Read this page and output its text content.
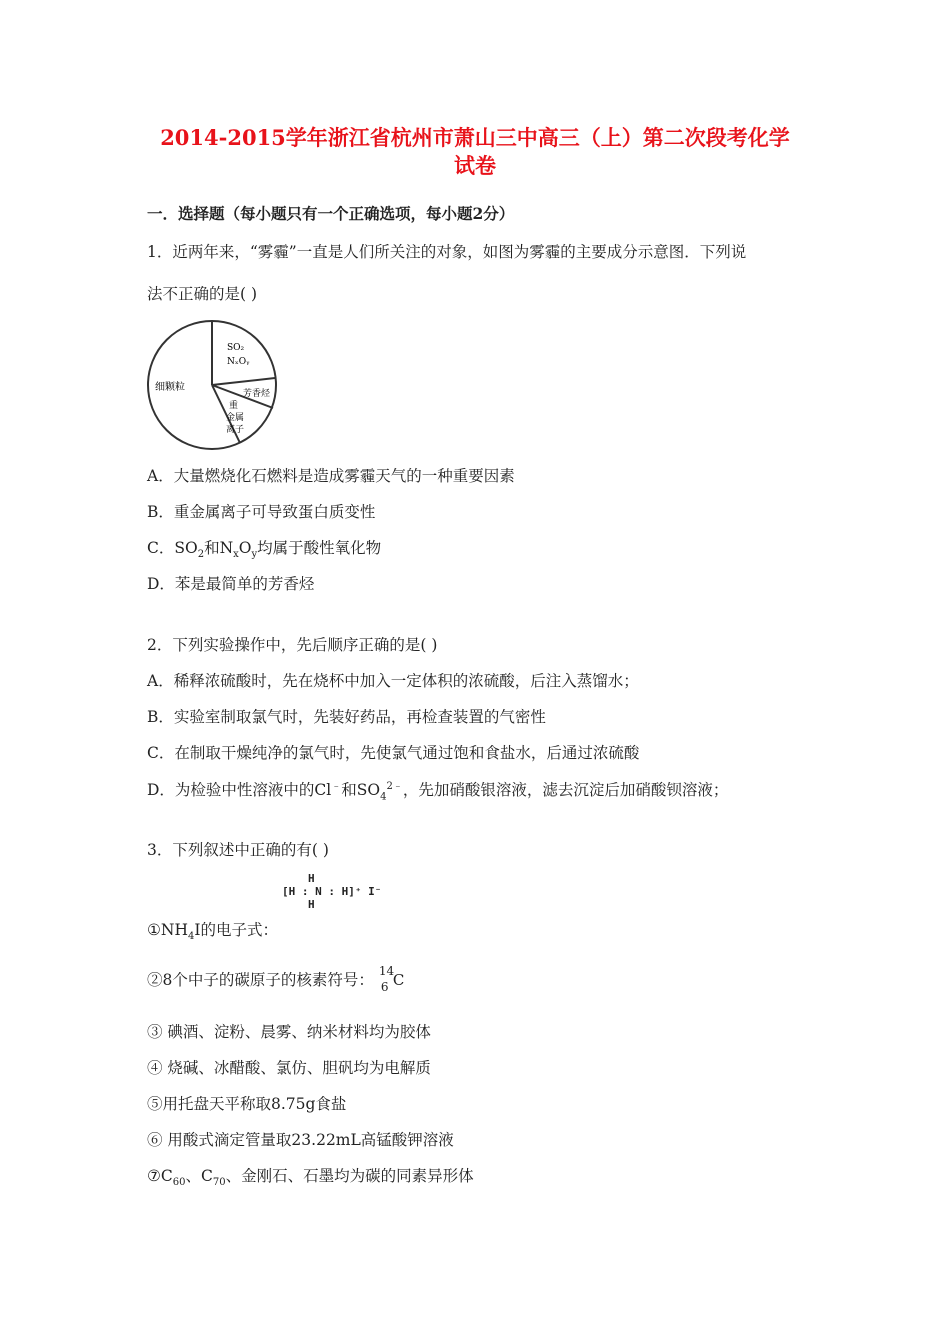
2014-2015学年浙江省杭州市萧山三中高三（上）第二次段考化学
试卷
一．选择题（每小题只有一个正确选项，每小题2分）
1．近两年来，“雾霾”一直是人们所关注的对象，如图为雾霾的主要成分示意图．下列说
法不正确的是( )
SO₂
NₓOᵧ
细颗粒
芳香烃
重
金属
离子
A．大量燃烧化石燃料是造成雾霾天气的一种重要因素
B．重金属离子可导致蛋白质变性
C．$SO_2$和$N_xO_y$均属于酸性氧化物
D．苯是最简单的芳香烃
2．下列实验操作中，先后顺序正确的是( )
A．稀释浓硫酸时，先在烧杯中加入一定体积的浓硫酸，后注入蒸馏水；
B．实验室制取氯气时，先装好药品，再检查装置的气密性
C．在制取干燥纯净的氯气时，先使氯气通过饱和食盐水，后通过浓硫酸
D．为检验中性溶液中的Cl﹣和$SO_4^{2﹣}$，先加硝酸银溶液，滤去沉淀后加硝酸钡溶液；
3．下列叙述中正确的有( )
H
[H : N : H]⁺ I⁻
H
$①NH_4I$的电子式：
②8个中子的碳原子的核素符号： 14
6 C
③ 碘酒、淀粉、晨雾、纳米材料均为胶体
④ 烧碱、冰醋酸、氯仿、胆矾均为电解质
⑤用托盘天平称取8.75g食盐
⑥ 用酸式滴定管量取23.22mL高锰酸钾溶液
$⑦C_{60}$、$C_{70}$、金刚石、石墨均为碳的同素异形体
